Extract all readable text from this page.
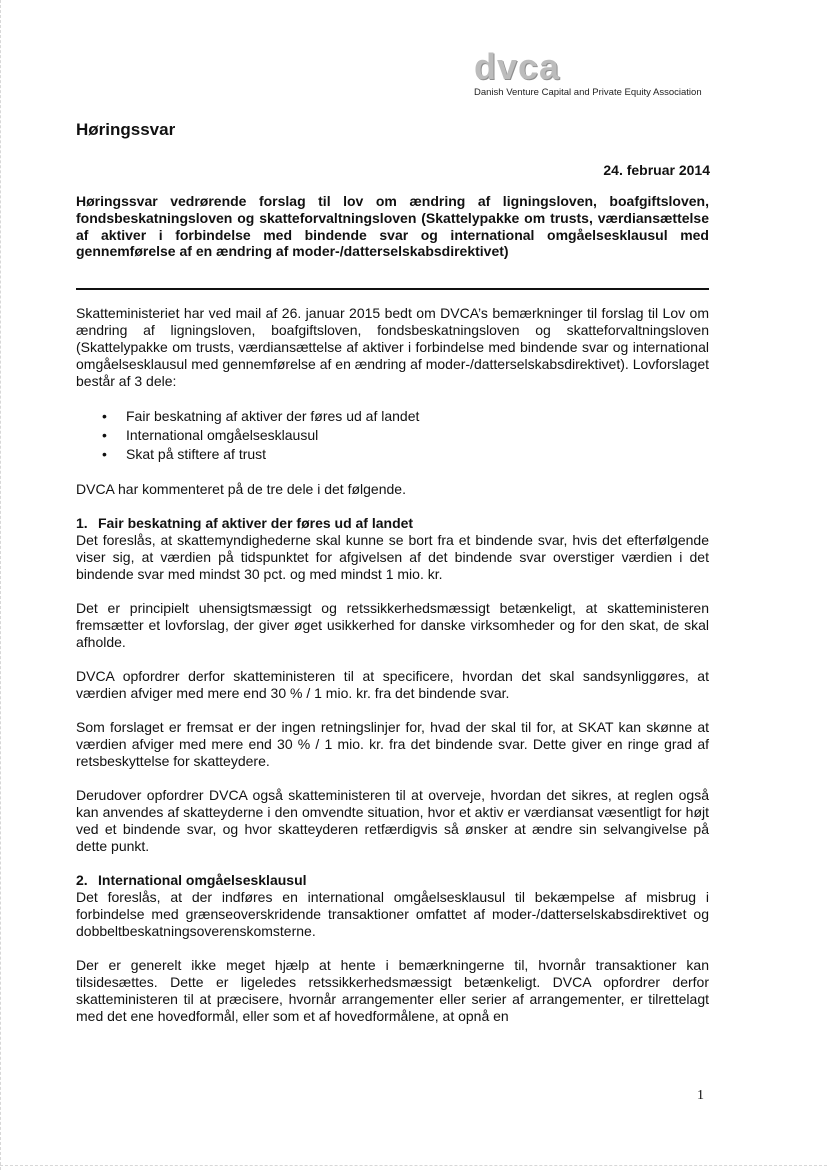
dvca
Danish Venture Capital and Private Equity Association
Høringssvar
24. februar 2014
Høringssvar vedrørende forslag til lov om ændring af ligningsloven, boafgiftsloven, fondsbeskatningsloven og skatteforvaltningsloven (Skattelypakke om trusts, værdiansættelse af aktiver i forbindelse med bindende svar og international omgåelsesklausul med gennemførelse af en ændring af moder-/datterselskabsdirektivet)

Skatteministeriet har ved mail af 26. januar 2015 bedt om DVCA’s bemærkninger til forslag til Lov om ændring af ligningsloven, boafgiftsloven, fondsbeskatningsloven og skatteforvaltningsloven (Skattelypakke om trusts, værdiansættelse af aktiver i forbindelse med bindende svar og international omgåelsesklausul med gennemførelse af en ændring af moder-/datterselskabsdirektivet). Lovforslaget består af 3 dele:

• Fair beskatning af aktiver der føres ud af landet
• International omgåelsesklausul
• Skat på stiftere af trust

DVCA har kommenteret på de tre dele i det følgende.

1. Fair beskatning af aktiver der føres ud af landet

Det foreslås, at skattemyndighederne skal kunne se bort fra et bindende svar, hvis det efterfølgende viser sig, at værdien på tidspunktet for afgivelsen af det bindende svar overstiger værdien i det bindende svar med mindst 30 pct. og med mindst 1 mio. kr.

Det er principielt uhensigtsmæssigt og retssikkerhedsmæssigt betænkeligt, at skatteministeren fremsætter et lovforslag, der giver øget usikkerhed for danske virksomheder og for den skat, de skal afholde.

DVCA opfordrer derfor skatteministeren til at specificere, hvordan det skal sandsynliggøres, at værdien afviger med mere end 30 % / 1 mio. kr. fra det bindende svar.

Som forslaget er fremsat er der ingen retningslinjer for, hvad der skal til for, at SKAT kan skønne at værdien afviger med mere end 30 % / 1 mio. kr. fra det bindende svar. Dette giver en ringe grad af retsbeskyttelse for skatteydere.

Derudover opfordrer DVCA også skatteministeren til at overveje, hvordan det sikres, at reglen også kan anvendes af skatteyderne i den omvendte situation, hvor et aktiv er værdiansat væsentligt for højt ved et bindende svar, og hvor skatteyderen retfærdigvis så ønsker at ændre sin selvangivelse på dette punkt.

2. International omgåelsesklausul

Det foreslås, at der indføres en international omgåelsesklausul til bekæmpelse af misbrug i forbindelse med grænseoverskridende transaktioner omfattet af moder-/datterselskabsdirektivet og dobbeltbeskatningsoverenskomsterne.

Der er generelt ikke meget hjælp at hente i bemærkningerne til, hvornår transaktioner kan tilsidesættes. Dette er ligeledes retssikkerhedsmæssigt betænkeligt. DVCA opfordrer derfor skatteministeren til at præcisere, hvornår arrangementer eller serier af arrangementer, er tilrettelagt med det ene hovedformål, eller som et af hovedformålene, at opnå en

1
